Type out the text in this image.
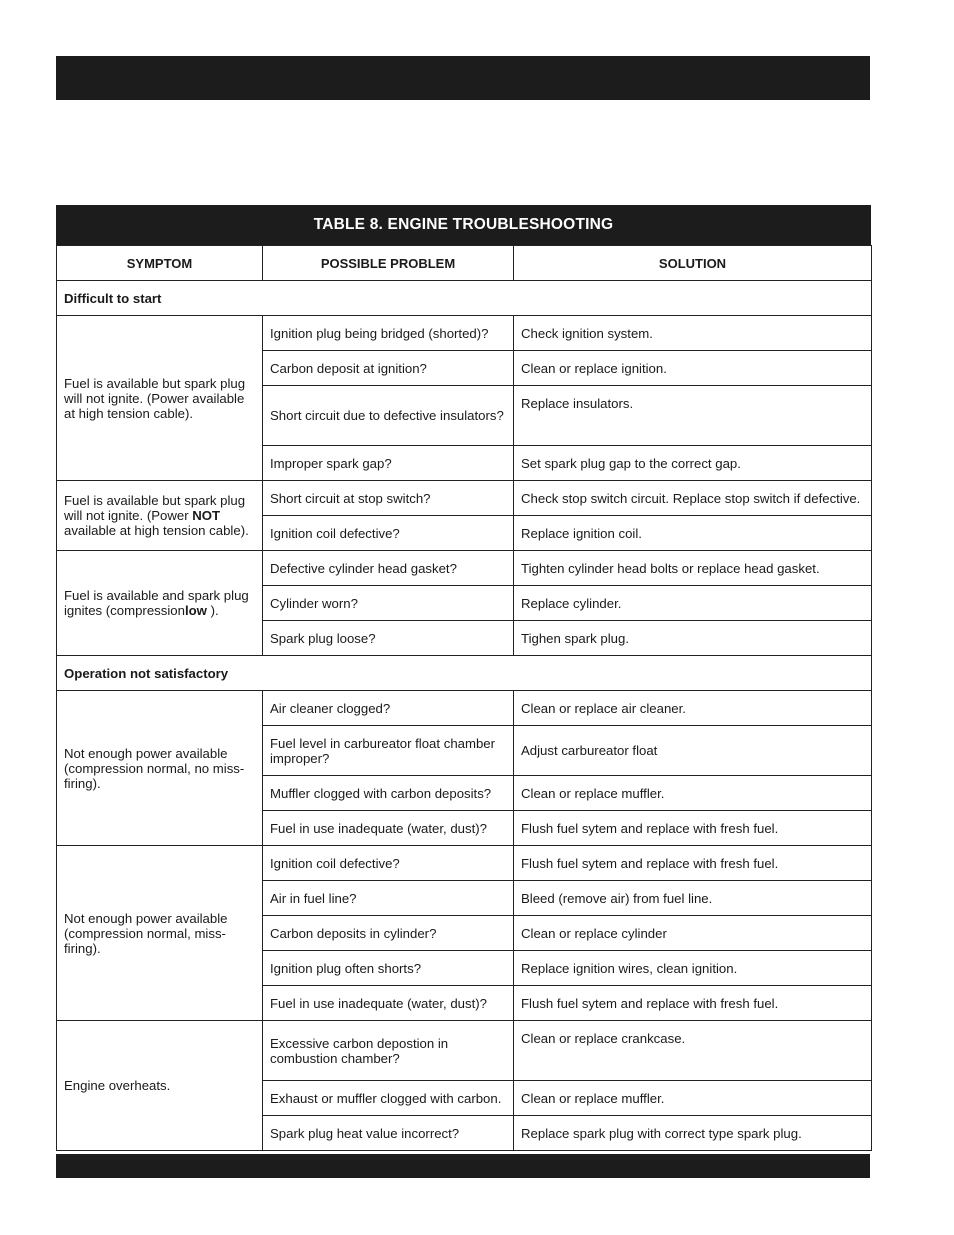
TABLE 8. ENGINE TROUBLESHOOTING
SYMPTOM	POSSIBLE PROBLEM	SOLUTION
Difficult to start		
Fuel is available but spark plug will not ignite. (Power available at high tension cable).	Ignition plug being bridged (shorted)?	Check ignition system.
	Carbon deposit at ignition?	Clean or replace ignition.
	Short circuit due to defective insulators?	Replace insulators.
	Improper spark gap?	Set spark plug gap to the correct gap.
Fuel is available but spark plug will not ignite. (Power NOT available at high tension cable).	Short circuit at stop switch?	Check stop switch circuit. Replace stop switch if defective.
	Ignition coil defective?	Replace ignition coil.
Fuel is available and spark plug ignites (compressionlow ).	Defective cylinder head gasket?	Tighten cylinder head bolts or replace head gasket.
	Cylinder worn?	Replace cylinder.
	Spark plug loose?	Tighen spark plug.
Operation not satisfactory		
Not enough power available (compression normal, no miss-firing).	Air cleaner clogged?	Clean or replace air cleaner.
	Fuel level in carbureator float chamber improper?	Adjust carbureator float
	Muffler clogged with carbon deposits?	Clean or replace muffler.
	Fuel in use inadequate (water, dust)?	Flush fuel sytem and replace with fresh fuel.
Not enough power available (compression normal, miss-firing).	Ignition coil defective?	Flush fuel sytem and replace with fresh fuel.
	Air in fuel line?	Bleed (remove air) from fuel line.
	Carbon deposits in cylinder?	Clean or replace cylinder
	Ignition plug often shorts?	Replace ignition wires, clean ignition.
	Fuel in use inadequate (water, dust)?	Flush fuel sytem and replace with fresh fuel.
Engine overheats.	Excessive carbon depostion in combustion chamber?	Clean or replace crankcase.
	Exhaust or muffler clogged with carbon.	Clean or replace muffler.
	Spark plug heat value incorrect?	Replace spark plug with correct type spark plug.
